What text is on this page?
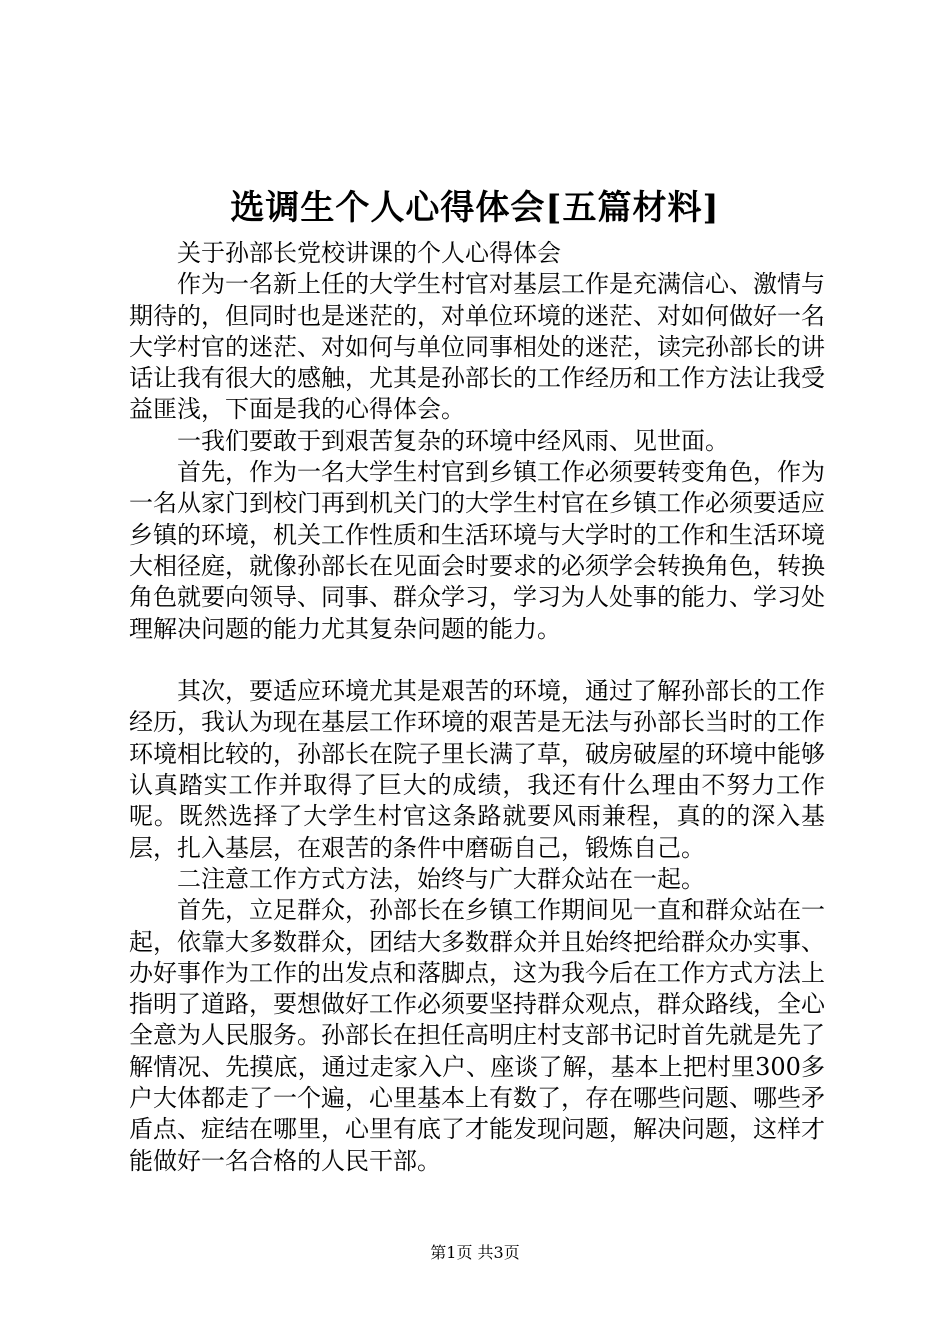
选调生个人心得体会[五篇材料]

关于孙部长党校讲课的个人心得体会

作为一名新上任的大学生村官对基层工作是充满信心、激情与期待的，但同时也是迷茫的，对单位环境的迷茫、对如何做好一名大学村官的迷茫、对如何与单位同事相处的迷茫，读完孙部长的讲话让我有很大的感触，尤其是孙部长的工作经历和工作方法让我受益匪浅，下面是我的心得体会。

一我们要敢于到艰苦复杂的环境中经风雨、见世面。

首先，作为一名大学生村官到乡镇工作必须要转变角色，作为一名从家门到校门再到机关门的大学生村官在乡镇工作必须要适应乡镇的环境，机关工作性质和生活环境与大学时的工作和生活环境大相径庭，就像孙部长在见面会时要求的必须学会转换角色，转换角色就要向领导、同事、群众学习，学习为人处事的能力、学习处理解决问题的能力尤其复杂问题的能力。

其次，要适应环境尤其是艰苦的环境，通过了解孙部长的工作经历，我认为现在基层工作环境的艰苦是无法与孙部长当时的工作环境相比较的，孙部长在院子里长满了草，破房破屋的环境中能够认真踏实工作并取得了巨大的成绩，我还有什么理由不努力工作呢。既然选择了大学生村官这条路就要风雨兼程，真的的深入基层，扎入基层，在艰苦的条件中磨砺自己，锻炼自己。

二注意工作方式方法，始终与广大群众站在一起。

首先，立足群众，孙部长在乡镇工作期间见一直和群众站在一起，依靠大多数群众，团结大多数群众并且始终把给群众办实事、办好事作为工作的出发点和落脚点，这为我今后在工作方式方法上指明了道路，要想做好工作必须要坚持群众观点，群众路线，全心全意为人民服务。孙部长在担任高明庄村支部书记时首先就是先了解情况、先摸底，通过走家入户、座谈了解，基本上把村里300多户大体都走了一个遍，心里基本上有数了，存在哪些问题、哪些矛盾点、症结在哪里，心里有底了才能发现问题，解决问题，这样才能做好一名合格的人民干部。

第1页 共3页
